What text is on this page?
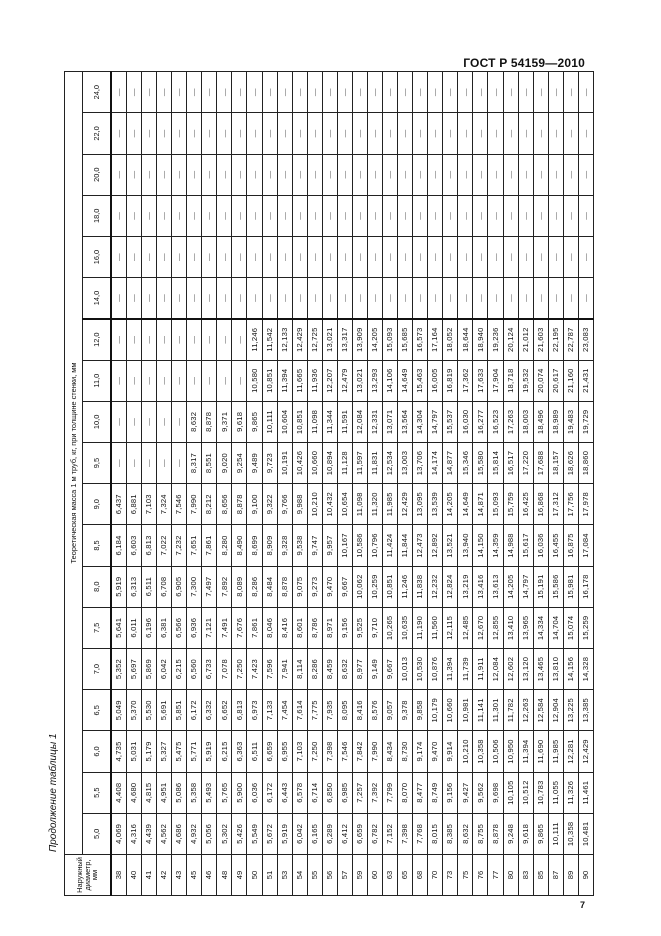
ГОСТ Р 54159—2010
Продолжение таблицы 1
Наружный диаметр, мм	Теоретическая масса 1 м труб, кг, при толщине стенки, мм																		
	5,0	5,5	6,0	6,5	7,0	7,5	8,0	8,5	9,0	9,5	10,0	11,0	12,0	14,0	16,0	18,0	20,0	22,0	24,0
38	4,069	4,408	4,735	5,049	5,352	5,641	5,919	6,184	6,437	—	—	—	—	—	—	—	—	—	—
40	4,316	4,680	5,031	5,370	5,697	6,011	6,313	6,603	6,881	—	—	—	—	—	—	—	—	—	—
41	4,439	4,815	5,179	5,530	5,869	6,196	6,511	6,813	7,103	—	—	—	—	—	—	—	—	—	—
42	4,562	4,951	5,327	5,691	6,042	6,381	6,708	7,022	7,324	—	—	—	—	—	—	—	—	—	—
43	4,686	5,086	5,475	5,851	6,215	6,566	6,905	7,232	7,546	—	—	—	—	—	—	—	—	—	—
45	4,932	5,358	5,771	6,172	6,560	6,936	7,300	7,651	7,990	8,317	8,632	—	—	—	—	—	—	—	—
46	5,056	5,493	5,919	6,332	6,733	7,121	7,497	7,861	8,212	8,551	8,878	—	—	—	—	—	—	—	—
48	5,302	5,765	6,215	6,652	7,078	7,491	7,892	8,280	8,656	9,020	9,371	—	—	—	—	—	—	—	—
49	5,426	5,900	6,363	6,813	7,250	7,676	8,089	8,490	8,878	9,254	9,618	—	—	—	—	—	—	—	—
50	5,549	6,036	6,511	6,973	7,423	7,861	8,286	8,699	9,100	9,489	9,865	10,580	11,246	—	—	—	—	—	—
51	5,672	6,172	6,659	7,133	7,596	8,046	8,484	8,909	9,322	9,723	10,111	10,851	11,542	—	—	—	—	—	—
53	5,919	6,443	6,955	7,454	7,941	8,416	8,878	9,328	9,766	10,191	10,604	11,394	12,133	—	—	—	—	—	—
54	6,042	6,578	7,103	7,614	8,114	8,601	9,075	9,538	9,988	10,426	10,851	11,665	12,429	—	—	—	—	—	—
55	6,165	6,714	7,250	7,775	8,286	8,786	9,273	9,747	10,210	10,660	11,098	11,936	12,725	—	—	—	—	—	—
56	6,289	6,850	7,398	7,935	8,459	8,971	9,470	9,957	10,432	10,894	11,344	12,207	13,021	—	—	—	—	—	—
57	6,412	6,985	7,546	8,095	8,632	9,156	9,667	10,167	10,654	11,128	11,591	12,479	13,317	—	—	—	—	—	—
59	6,659	7,257	7,842	8,416	8,977	9,525	10,062	10,586	11,098	11,597	12,084	13,021	13,909	—	—	—	—	—	—
60	6,782	7,392	7,990	8,576	9,149	9,710	10,259	10,796	11,320	11,831	12,331	13,293	14,205	—	—	—	—	—	—
63	7,152	7,799	8,434	9,057	9,667	10,265	10,851	11,424	11,985	12,534	13,071	14,106	15,093	—	—	—	—	—	—
65	7,398	8,070	8,730	9,378	10,013	10,635	11,246	11,844	12,429	13,003	13,564	14,649	15,685	—	—	—	—	—	—
68	7,768	8,477	9,174	9,858	10,530	11,190	11,838	12,473	13,095	13,706	14,304	15,463	16,573	—	—	—	—	—	—
70	8,015	8,749	9,470	10,179	10,876	11,560	12,232	12,892	13,539	14,174	14,797	16,005	17,164	—	—	—	—	—	—
73	8,385	9,156	9,914	10,660	11,394	12,115	12,824	13,521	14,205	14,877	15,537	16,819	18,052	—	—	—	—	—	—
75	8,632	9,427	10,210	10,981	11,739	12,485	13,219	13,940	14,649	15,346	16,030	17,362	18,644	—	—	—	—	—	—
76	8,755	9,562	10,358	11,141	11,911	12,670	13,416	14,150	14,871	15,580	16,277	17,633	18,940	—	—	—	—	—	—
77	8,878	9,698	10,506	11,301	12,084	12,855	13,613	14,359	15,093	15,814	16,523	17,904	19,236	—	—	—	—	—	—
80	9,248	10,105	10,950	11,782	12,602	13,410	14,205	14,988	15,759	16,517	17,263	18,718	20,124	—	—	—	—	—	—
83	9,618	10,512	11,394	12,263	13,120	13,965	14,797	15,617	16,425	17,220	18,003	19,532	21,012	—	—	—	—	—	—
85	9,865	10,783	11,690	12,584	13,465	14,334	15,191	16,036	16,868	17,688	18,496	20,074	21,603	—	—	—	—	—	—
87	10,111	11,055	11,985	12,904	13,810	14,704	15,586	16,455	17,312	18,157	18,989	20,617	22,195	—	—	—	—	—	—
89	10,358	11,326	12,281	13,225	14,156	15,074	15,981	16,875	17,756	18,626	19,483	21,160	22,787	—	—	—	—	—	—
90	10,481	11,461	12,429	13,385	14,328	15,259	16,178	17,084	17,978	18,860	19,729	21,431	23,083	—	—	—	—	—	—
7
